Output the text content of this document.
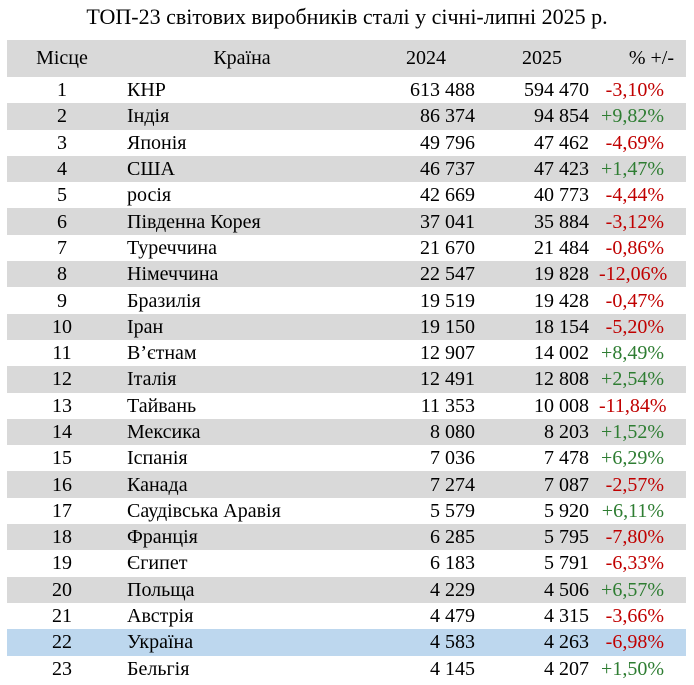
ТОП-23 світових виробників сталі у січні-липні 2025 р.
Місце	Країна	2024	2025	% +/-
1	КНР	613 488	594 470	-3,10%
2	Індія	86 374	94 854	+9,82%
3	Японія	49 796	47 462	-4,69%
4	США	46 737	47 423	+1,47%
5	росія	42 669	40 773	-4,44%
6	Південна Корея	37 041	35 884	-3,12%
7	Туреччина	21 670	21 484	-0,86%
8	Німеччина	22 547	19 828	-12,06%
9	Бразилія	19 519	19 428	-0,47%
10	Іран	19 150	18 154	-5,20%
11	В’єтнам	12 907	14 002	+8,49%
12	Італія	12 491	12 808	+2,54%
13	Тайвань	11 353	10 008	-11,84%
14	Мексика	8 080	8 203	+1,52%
15	Іспанія	7 036	7 478	+6,29%
16	Канада	7 274	7 087	-2,57%
17	Саудівська Аравія	5 579	5 920	+6,11%
18	Франція	6 285	5 795	-7,80%
19	Єгипет	6 183	5 791	-6,33%
20	Польща	4 229	4 506	+6,57%
21	Австрія	4 479	4 315	-3,66%
22	Україна	4 583	4 263	-6,98%
23	Бельгія	4 145	4 207	+1,50%
